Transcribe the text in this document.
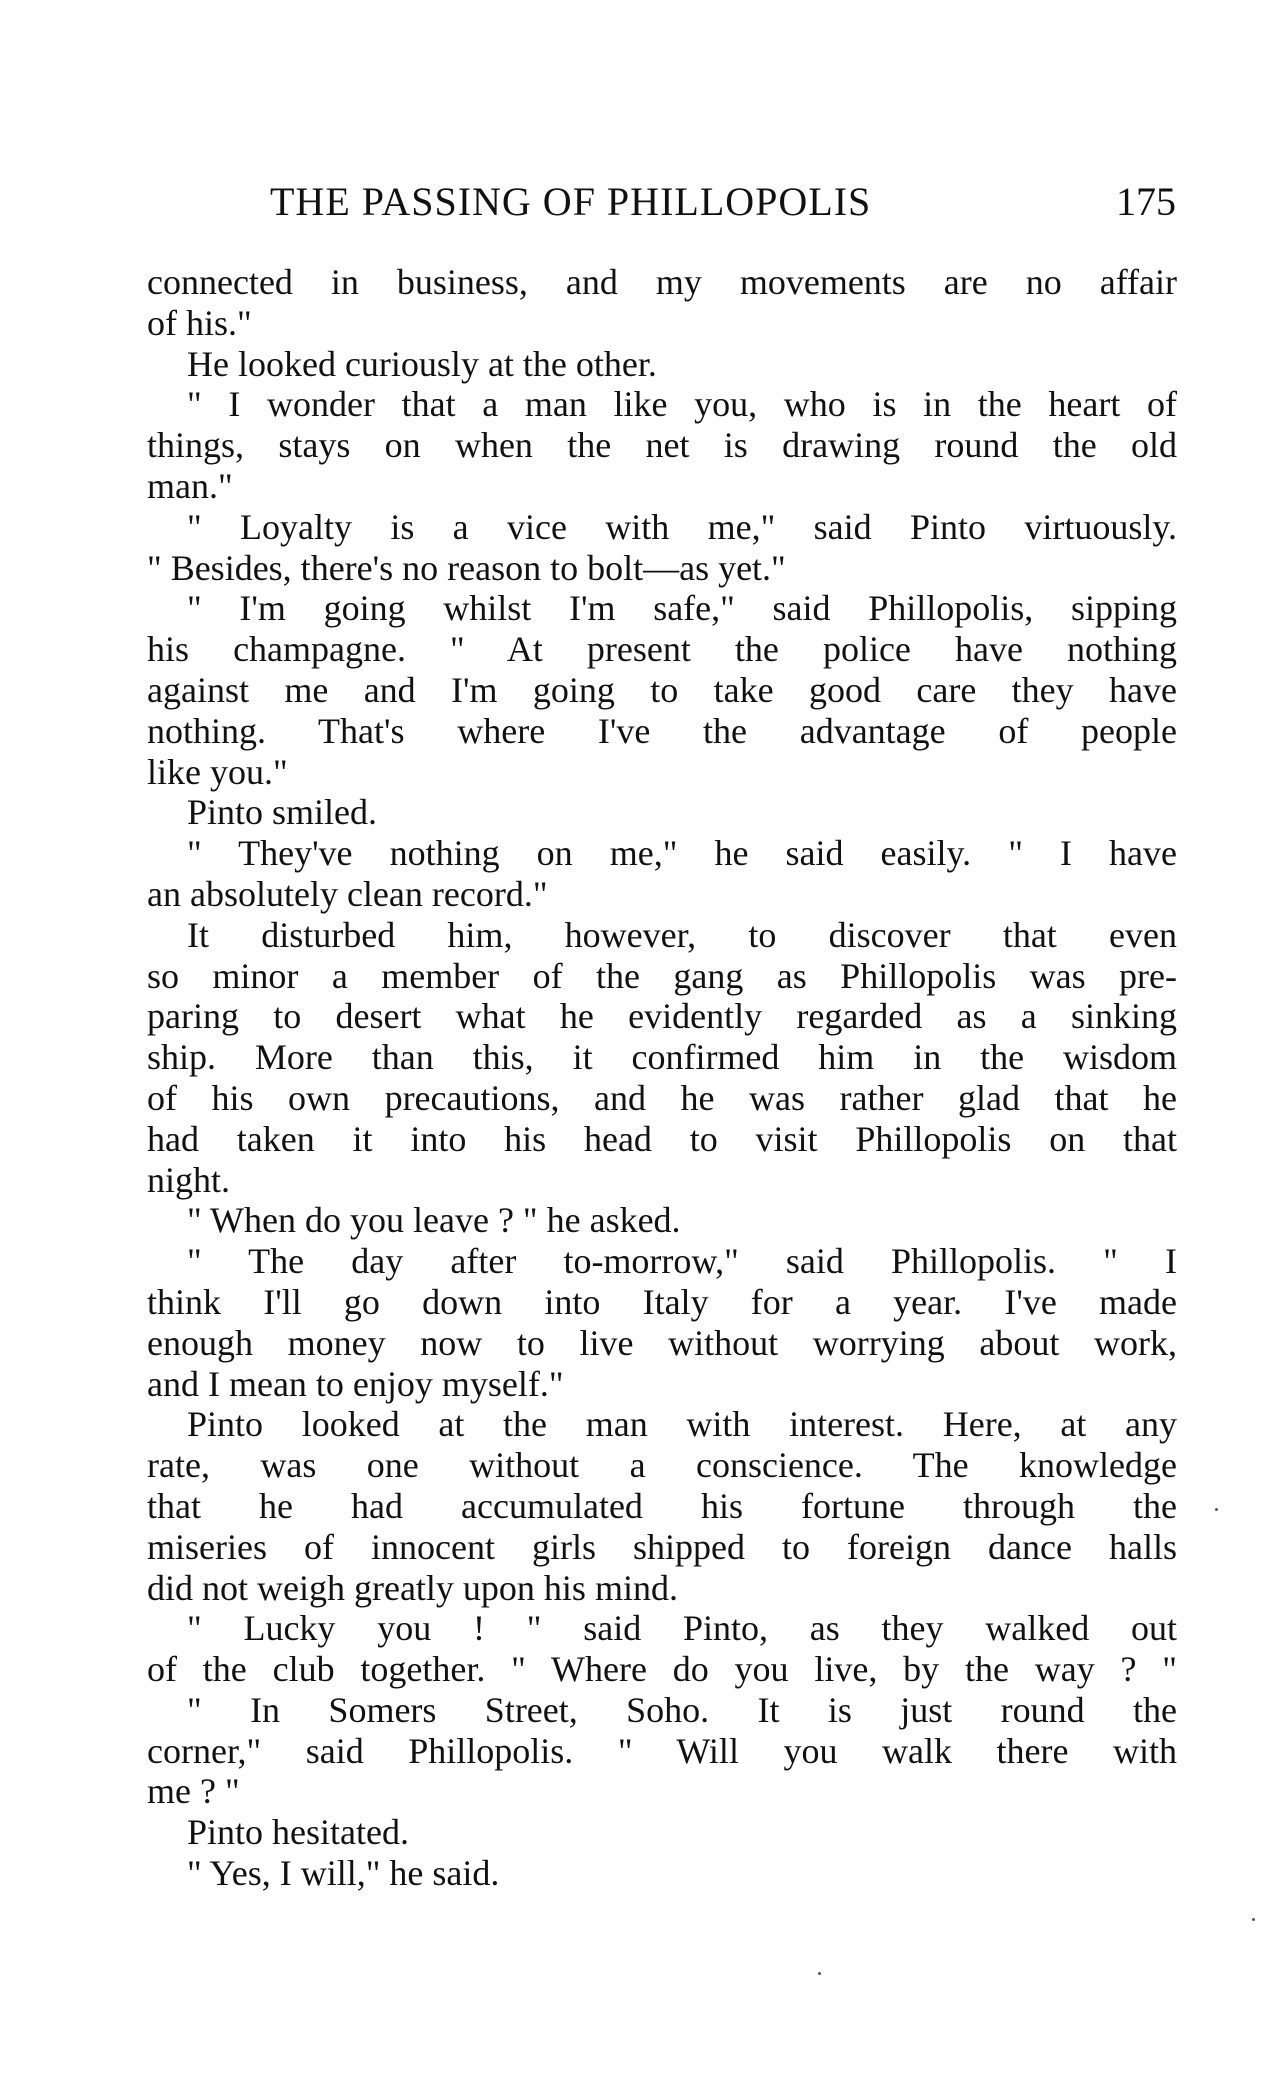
THE PASSING OF PHILLOPOLIS	175
connected in business, and my movements are no affair
of his."
He looked curiously at the other.
" I wonder that a man like you, who is in the heart of
things, stays on when the net is drawing round the old
man."
" Loyalty is a vice with me," said Pinto virtuously.
" Besides, there's no reason to bolt—as yet."
" I'm going whilst I'm safe," said Phillopolis, sipping
his champagne. " At present the police have nothing
against me and I'm going to take good care they have
nothing. That's where I've the advantage of people
like you."
Pinto smiled.
" They've nothing on me," he said easily. " I have
an absolutely clean record."
It disturbed him, however, to discover that even
so minor a member of the gang as Phillopolis was pre-
paring to desert what he evidently regarded as a sinking
ship. More than this, it confirmed him in the wisdom
of his own precautions, and he was rather glad that he
had taken it into his head to visit Phillopolis on that
night.
" When do you leave ? " he asked.
" The day after to-morrow," said Phillopolis. " I
think I'll go down into Italy for a year. I've made
enough money now to live without worrying about work,
and I mean to enjoy myself."
Pinto looked at the man with interest. Here, at any
rate, was one without a conscience. The knowledge
that he had accumulated his fortune through the
miseries of innocent girls shipped to foreign dance halls
did not weigh greatly upon his mind.
" Lucky you ! " said Pinto, as they walked out
of the club together. " Where do you live, by the way ? "
" In Somers Street, Soho. It is just round the
corner," said Phillopolis. " Will you walk there with
me ? "
Pinto hesitated.
" Yes, I will," he said.
